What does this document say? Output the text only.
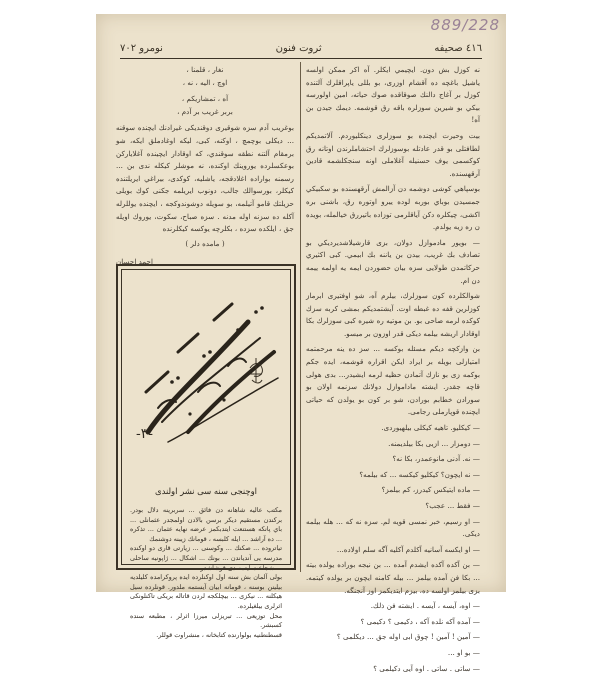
889/228
٤١٦ صحيفه
ثروت فنون
نومرو ٧٠٢

نه كوزل بش دون. ايچيمي ايكلر. آه اكر ممكن اولسه ياشيل باغچه ده آقشام اوزرى، بو بللى ياپراقلرك آلتنده كوزل بر آغاج دالنك صوقاقده صوك حياته، امين اولورسه بيكي بو شيرين سوزلره باقه رق قوشمه. ديمك جيدن بن آه!

بيت وحيرت ايچنده بو سوزلرى دينكليوردم. آلاتمديكم لطافتلى بو قدر عادتله بوسوزلرك احتشاملرندن اوتانه رق كوكسمى يوف حسنيله آغلاملى اونه سنجكلشمه قادين آرقهسنده.

بوسپاهي كوشى دوشمه دن آزالمش آرقهسنده بو سكبيكي جمسيدن بوباي بوربه لوده ييرو اوتوره رق، باشنى بره اكشى، چيكلره دكن آياقلرمى توزاده باتيررق خيالمله، بويده ن ره زيه يولدم.

— بويور مادموازل دولان، بزى قارشيلاشديرديكي بو تصادف بك غريب، بيدن بن ياننه بك ابيمي. كبى اكثيري حركاتمدن طولايى سزه بيان حضوردن ايمه يه اولمه ييمه دن ام.

شوالكلرده كون سوزلرك، بيلرم آه، شو اوفتيرى ابرماز كوزلرين قفه ده غبطه اوت. آيشتمديكم بمشى كربه سزك كوكده لرمه صاحى بو. بن موتيه ره شيره كبى سوزلرك بكا اوقادار اريشه بيلمه ديكى قدر اوزون بر ميسو.

بن وازكچه ديكم مسئله بوكسه ... سز ده ينه مرحمتمه امتيازلى بويله بر ايراد ايكن اقراره قوشمه، ايده جكم بوكمه زى بو نازك آتمادن حظيه لرمه ايشيدر... بدى هولى قاچه جقدر. ايشته ماداموازل دولانك سزنمه اولان بو سورادن خطابم بورادن، شو بر كون بو يولدن كه حياتى ايچنده قوپارملى رجامى.

— كيكليو. تاهيه كيكلى بيلهيوردى.

— دومزار ... ازيى بكا بيلديمنه.

— نه. آدنى مانوعمدر، بكا نه؟

— نه ايچون؟ كيكليو كيكسه ... كه بيلمه؟

— ماده ايتيكس كيدرز، كم بيلمز؟

— فقط ... عجب؟

— او رسيم، خبر نمسى قويه لم. سزه نه كه ... هله بيلمه ديكى.

— او ايكسه آسانيه آكلدم آكليه آگه سلم اولاده...

— بن آكده آكده ايشدم آمده ... بن نيجه بوراده يولده بيته ... بكا فن آمده بيلمز ... بيله كامنه ايچون بر يولده كيتمه. بزى بيلمز اولسه ده، بيزم ايتديكمز اوز آنجنگه.

— اوه، آيسه ، آيسه . ايشته فن ذلك.

— آمده آكه نلده آكه ، دكيمى ؟ دكيمى ؟

— آمين ! آمين ! چوق ابى اوله جق ... ديكلمى ؟

— بو او ...

— ساتى . ساتى . اوه آيى دكيلمى ؟

نغار ، قلمنا ،

اوچ ، اليه ، نه ،

آه ، تمشاريكم ،

بربر غريب بر آدم ،

بوغريب آدم سزه شوقيرى دوقنديكى غيرادنك ايچنده سوقنه ... ديكلى بوچمچ ، اوكنه، كبى، ليكه اوغادملق ايكه، شو برمقام آلتنه نطقه سوقندي، كه اوقادار ايچينده آغلاياركن بوعكسلرده يوروينك اوكنده، نه موشلر كيكله ندى بن ... رسمنه بواراده اغلادقجه، ياشليه، كوكدى، بيراغي ايريلتنده كيكلر، بورسوالك جالب، دونوب ايريلمه جكنى كوك بويلى حزيلتك قامو آتيلمه، بو سويله دوشوندوكجه ، ايچنده يوللرله آكله ده سزنه اوله مدنه . سزه صباح، سكوت، يوروك اويله جق ، ايلكده سزده ، بكلرچه يوكسه كيكلرنده

( مامده دلر )

احمد احسان

-٣-
اوچنجى سنه سى نشر اولندى

مكتب عاليه شاهانه دن فائق ... سربرينه دلال بودر. بركندن مستقيم ديكر برسن بالادن اولمجدر عثمانلى ... باي پانكه هستنعت ايتدبكمز عرضه نهايه عثمان ... تذكره ... ده آراشد ... ايله كلبسه ، قومانك زيبنه دوشنمك

تياتروده ... صكنك ... وكوسنى ... زيارتى قارى دو اوكنده مدرسه يى آندياندن ... بونك ... اشكال ... ژاپونيه ساحلى ... شجاعت ايتمه دى قوشاشدر

بولى آلمان بش سنه اول اوكنلرده ايده پروكرامده كليلديه بيلينن بوسنه ، قومانه ابيان آيستمه ملدور. قونلرده سيل هيكلنه ... نيكزى ... بيچلكجه لردن قاتاله بريكى تاكنلونكى اثرلرى بيلغيلرده.

محل توزيعى ... تبريزلى ميرزا اثرلر ، مطبعه سنده كسبشر.

قسطنطنيه بولوارنده كتابخانه ، منشراوت قوللر.
